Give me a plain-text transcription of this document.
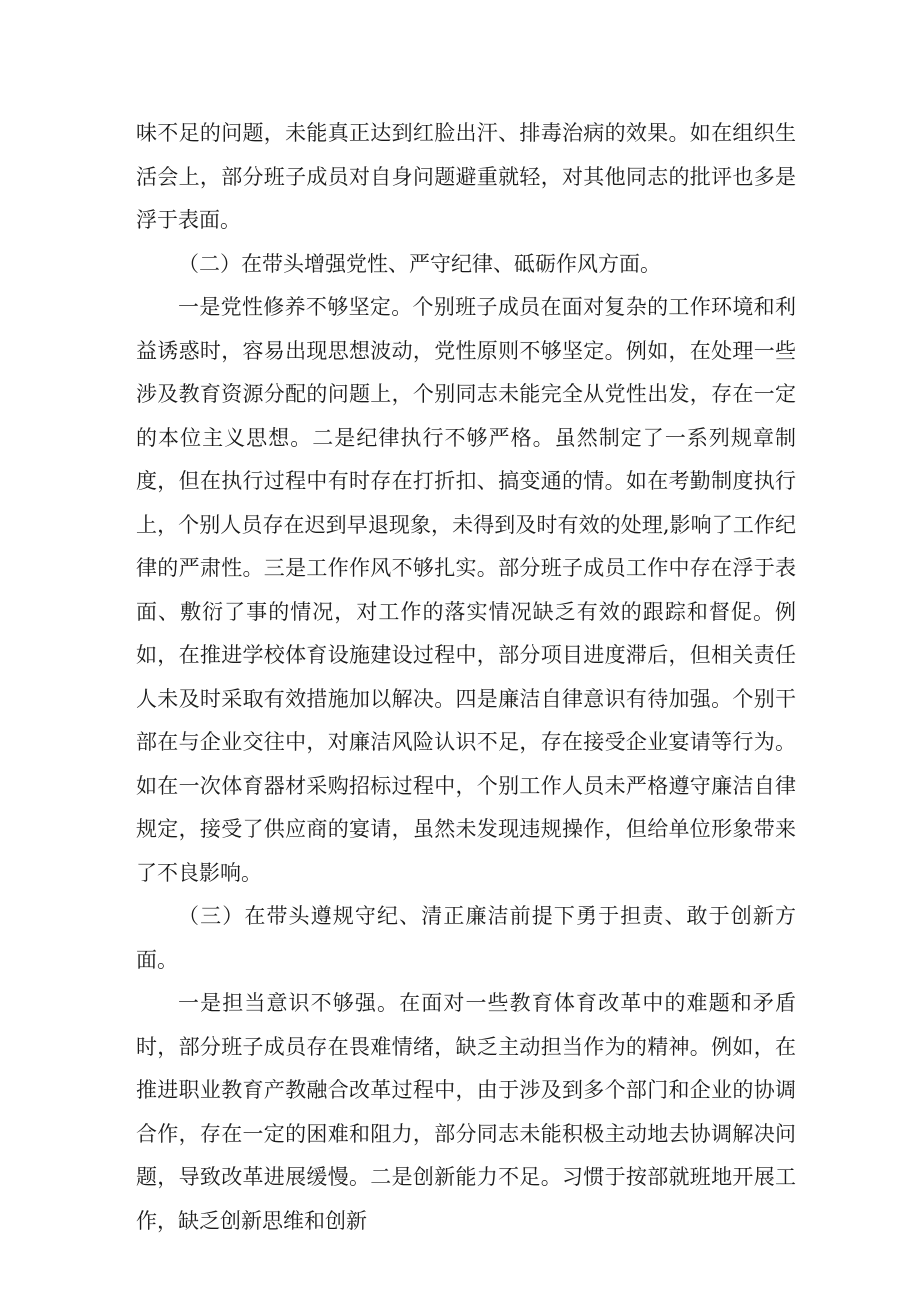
味不足的问题，未能真正达到红脸出汗、排毒治病的效果。如在组织生活会上，部分班子成员对自身问题避重就轻，对其他同志的批评也多是浮于表面。

（二）在带头增强党性、严守纪律、砥砺作风方面。

一是党性修养不够坚定。个别班子成员在面对复杂的工作环境和利益诱惑时，容易出现思想波动，党性原则不够坚定。例如，在处理一些涉及教育资源分配的问题上，个别同志未能完全从党性出发，存在一定的本位主义思想。二是纪律执行不够严格。虽然制定了一系列规章制度，但在执行过程中有时存在打折扣、搞变通的情。如在考勤制度执行上，个别人员存在迟到早退现象，未得到及时有效的处理,影响了工作纪律的严肃性。三是工作作风不够扎实。部分班子成员工作中存在浮于表面、敷衍了事的情况，对工作的落实情况缺乏有效的跟踪和督促。例如，在推进学校体育设施建设过程中，部分项目进度滞后，但相关责任人未及时采取有效措施加以解决。四是廉洁自律意识有待加强。个别干部在与企业交往中，对廉洁风险认识不足，存在接受企业宴请等行为。如在一次体育器材采购招标过程中，个别工作人员未严格遵守廉洁自律规定，接受了供应商的宴请，虽然未发现违规操作，但给单位形象带来了不良影响。

（三）在带头遵规守纪、清正廉洁前提下勇于担责、敢于创新方面。

一是担当意识不够强。在面对一些教育体育改革中的难题和矛盾时，部分班子成员存在畏难情绪，缺乏主动担当作为的精神。例如，在推进职业教育产教融合改革过程中，由于涉及到多个部门和企业的协调合作，存在一定的困难和阻力，部分同志未能积极主动地去协调解决问题，导致改革进展缓慢。二是创新能力不足。习惯于按部就班地开展工作，缺乏创新思维和创新
